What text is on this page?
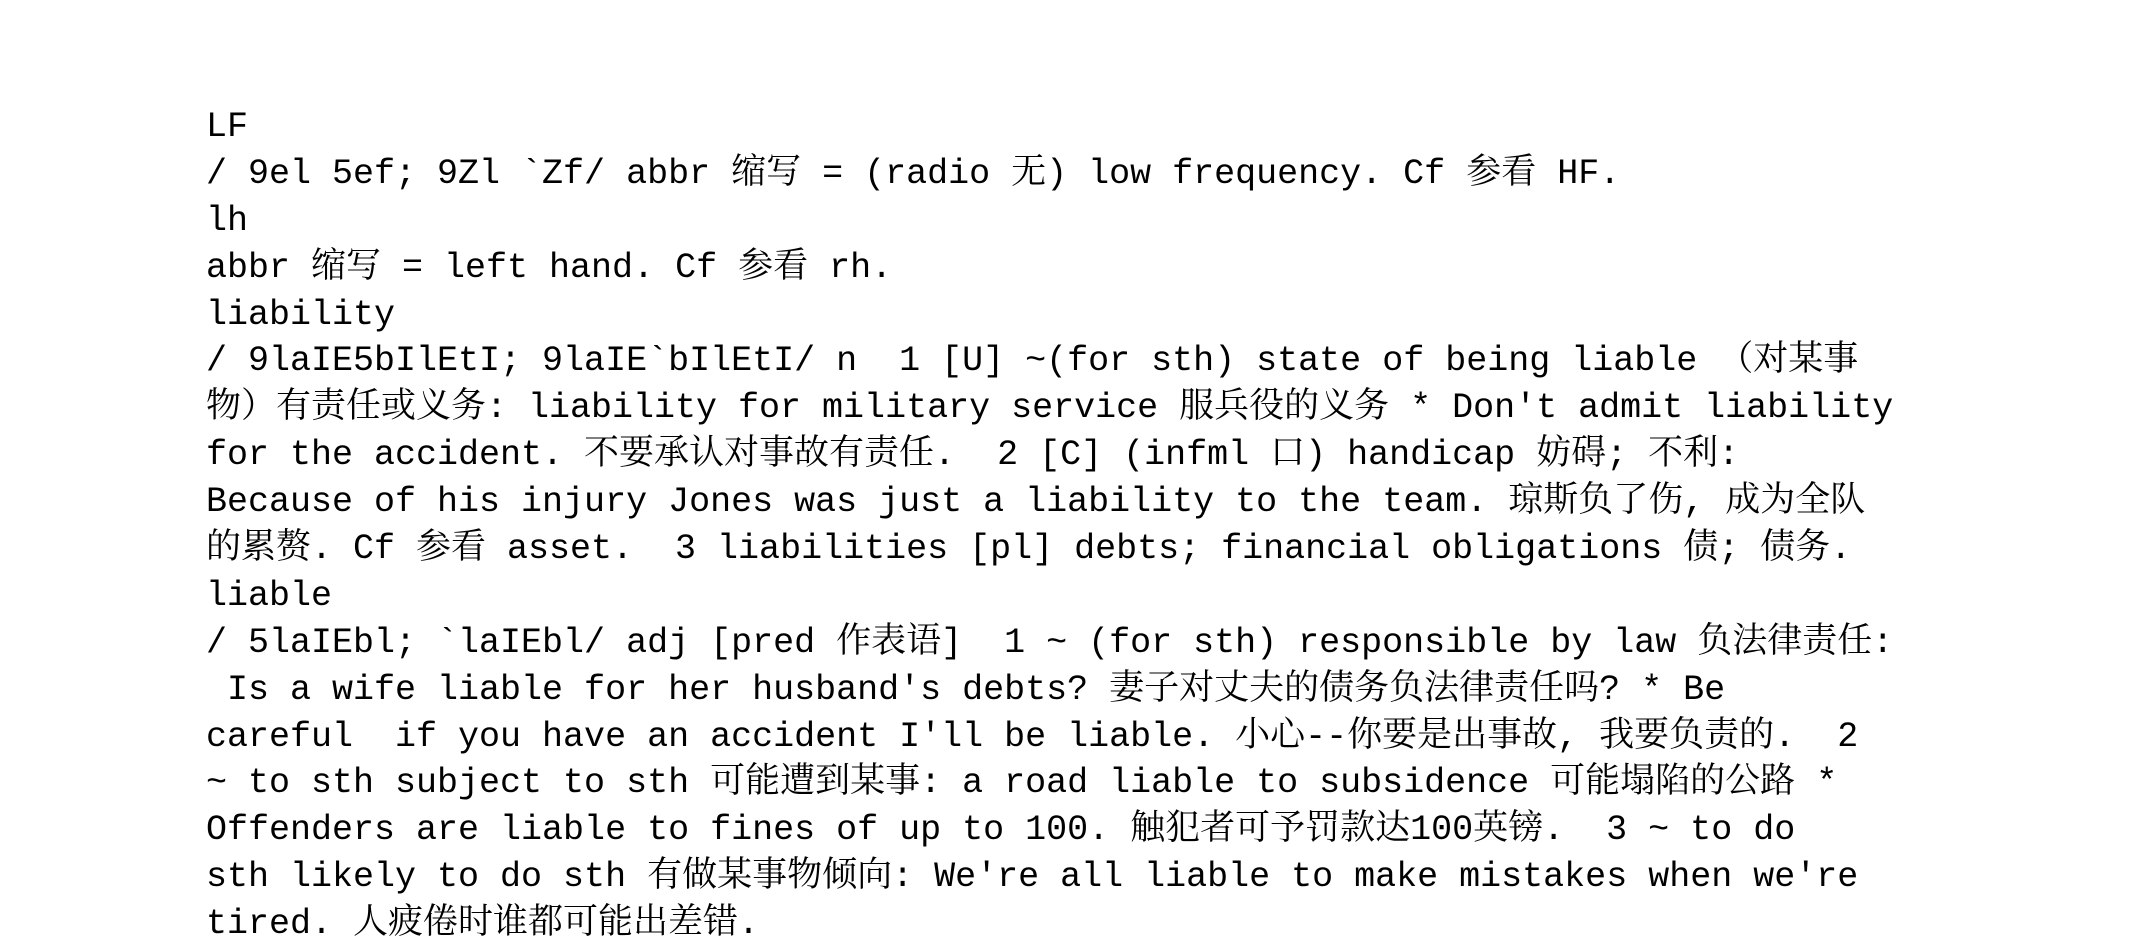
LF
/ 9el 5ef; 9Zl `Zf/ abbr 缩写 = (radio 无) low frequency. Cf 参看 HF.
lh
abbr 缩写 = left hand. Cf 参看 rh.
liability
/ 9laIE5bIlEtI; 9laIE`bIlEtI/ n  1 [U] ~(for sth) state of being liable （对某事
物）有责任或义务: liability for military service 服兵役的义务 * Don't admit liability
for the accident. 不要承认对事故有责任.  2 [C] (infml 口) handicap 妨碍; 不利:
Because of his injury Jones was just a liability to the team. 琼斯负了伤, 成为全队
的累赘. Cf 参看 asset.  3 liabilities [pl] debts; financial obligations 债; 债务.
liable
/ 5laIEbl; `laIEbl/ adj [pred 作表语]  1 ~ (for sth) responsible by law 负法律责任:
Is a wife liable for her husband's debts? 妻子对丈夫的债务负法律责任吗? * Be
careful  if you have an accident I'll be liable. 小心--你要是出事故, 我要负责的.  2
~ to sth subject to sth 可能遭到某事: a road liable to subsidence 可能塌陷的公路 *
Offenders are liable to fines of up to 100. 触犯者可予罚款达100英镑.  3 ~ to do
sth likely to do sth 有做某事物倾向: We're all liable to make mistakes when we're
tired. 人疲倦时谁都可能出差错.
